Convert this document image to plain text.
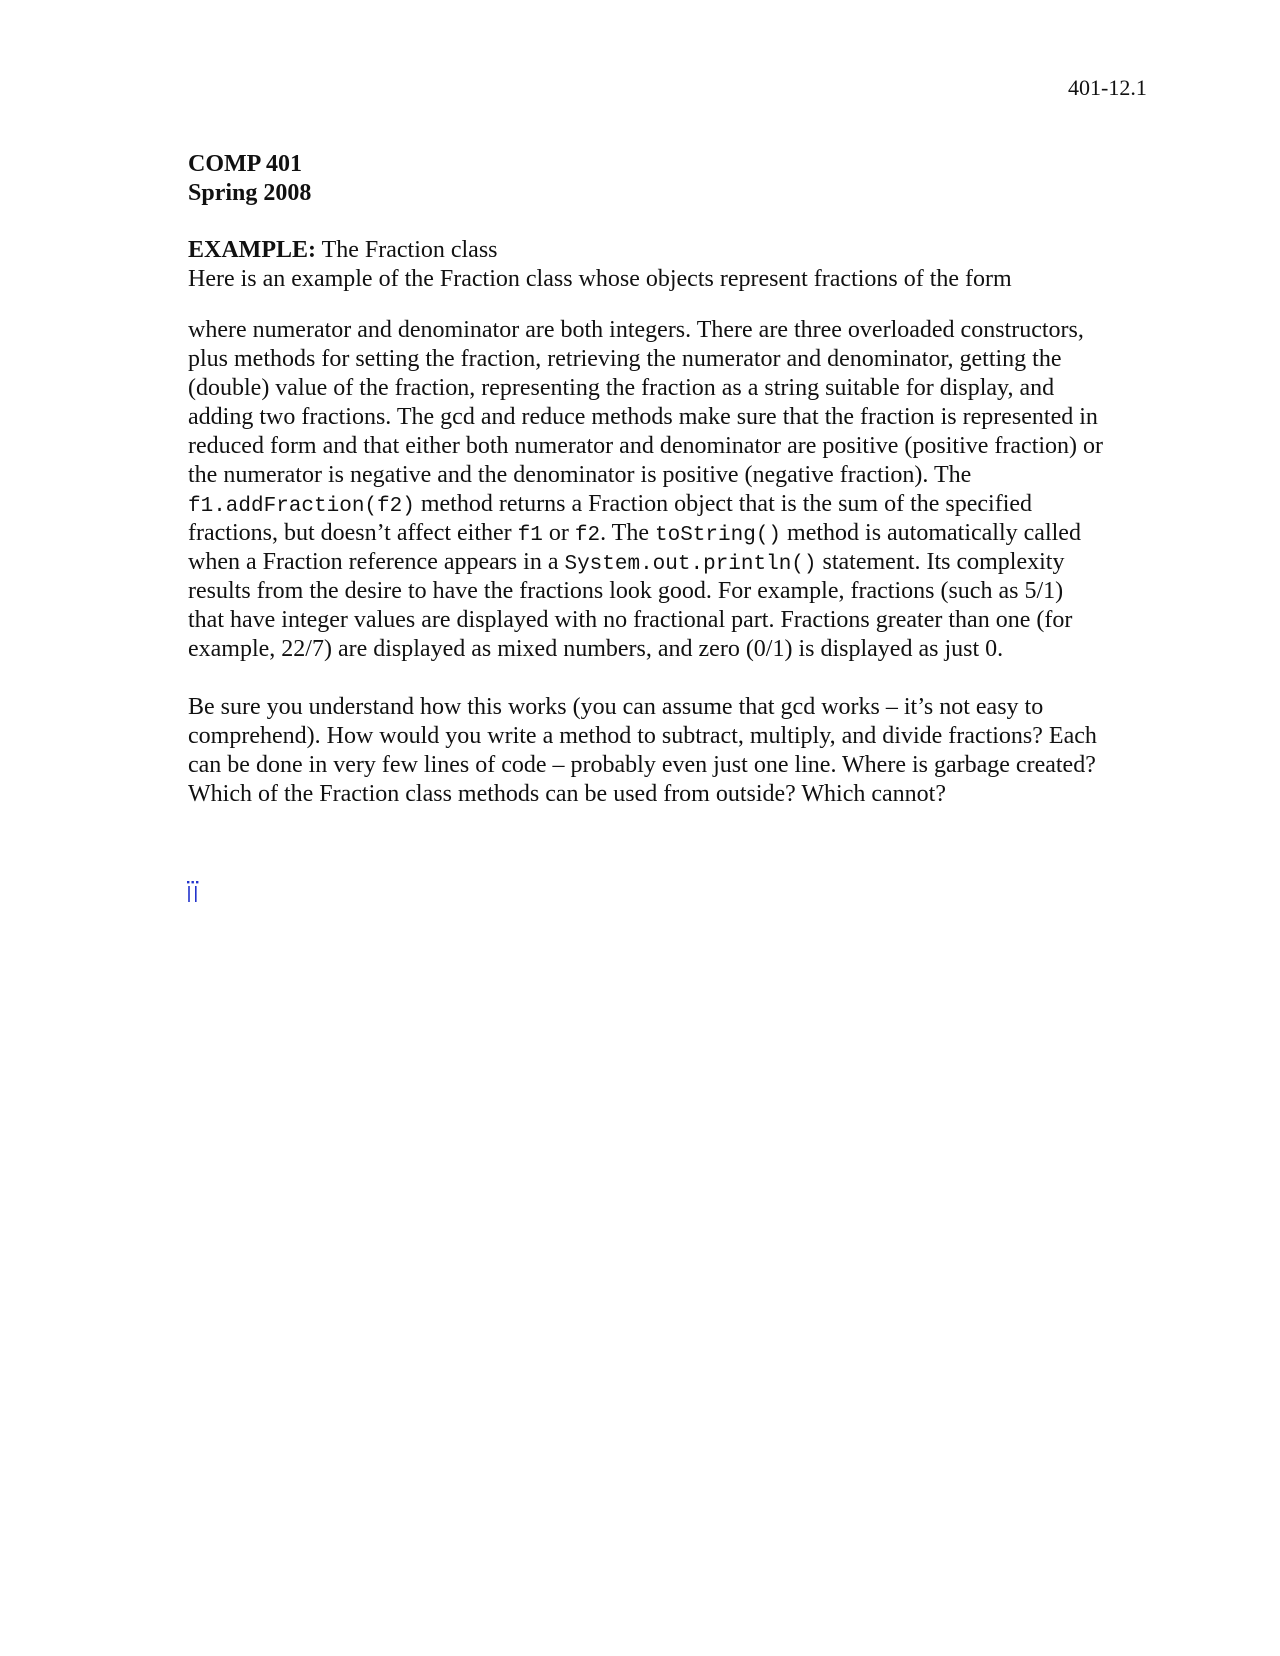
401-12.1
COMP 401
Spring 2008
EXAMPLE: The Fraction class
Here is an example of the Fraction class whose objects represent fractions of the form
where numerator and denominator are both integers. There are three overloaded constructors,
plus methods for setting the fraction, retrieving the numerator and denominator, getting the
(double) value of the fraction, representing the fraction as a string suitable for display, and
adding two fractions. The gcd and reduce methods make sure that the fraction is represented in
reduced form and that either both numerator and denominator are positive (positive fraction) or
the numerator is negative and the denominator is positive (negative fraction). The
f1.addFraction(f2) method returns a Fraction object that is the sum of the specified
fractions, but doesn’t affect either f1 or f2. The toString() method is automatically called
when a Fraction reference appears in a System.out.println() statement. Its complexity
results from the desire to have the fractions look good. For example, fractions (such as 5/1)
that have integer values are displayed with no fractional part. Fractions greater than one (for
example, 22/7) are displayed as mixed numbers, and zero (0/1) is displayed as just 0.
Be sure you understand how this works (you can assume that gcd works – it’s not easy to
comprehend). How would you write a method to subtract, multiply, and divide fractions? Each
can be done in very few lines of code – probably even just one line. Where is garbage created?
Which of the Fraction class methods can be used from outside? Which cannot?
